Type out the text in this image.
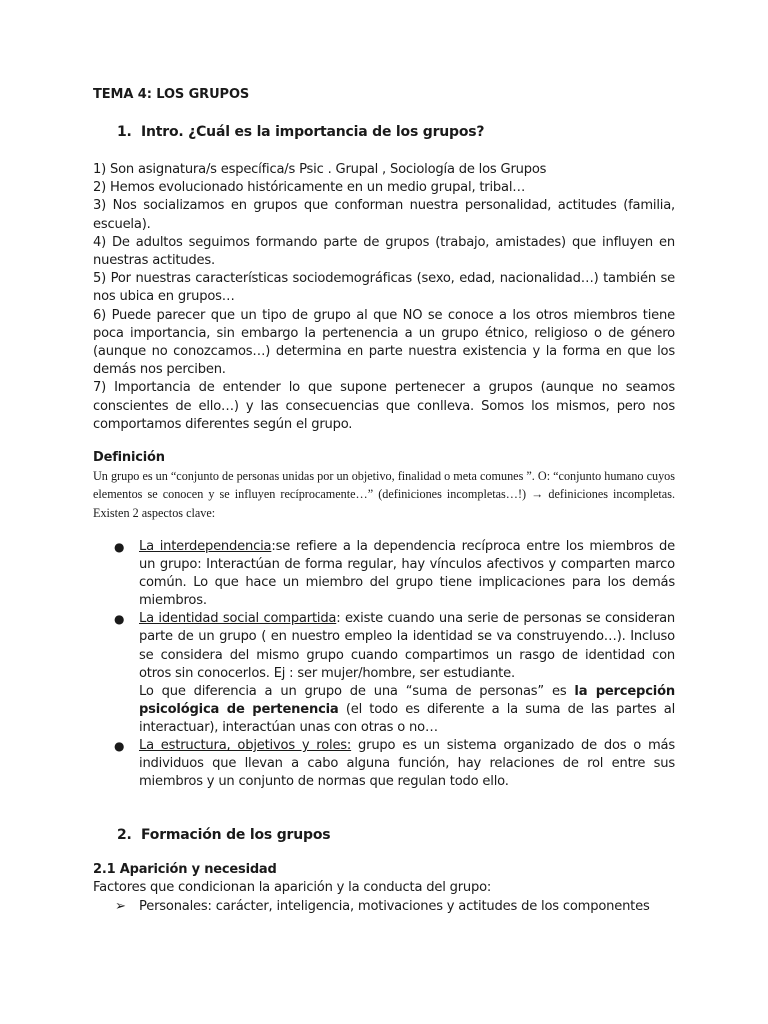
TEMA 4: LOS GRUPOS
1. Intro. ¿Cuál es la importancia de los grupos?

1) Son asignatura/s específica/s Psic . Grupal , Sociología de los Grupos

2) Hemos evolucionado históricamente en un medio grupal, tribal…

3) Nos socializamos en grupos que conforman nuestra personalidad, actitudes (familia, escuela).

4) De adultos seguimos formando parte de grupos (trabajo, amistades) que influyen en nuestras actitudes.

5) Por nuestras características sociodemográficas (sexo, edad, nacionalidad…) también se nos ubica en grupos…

6) Puede parecer que un tipo de grupo al que NO se conoce a los otros miembros tiene poca importancia, sin embargo la pertenencia a un grupo étnico, religioso o de género (aunque no conozcamos…) determina en parte nuestra existencia y la forma en que los demás nos perciben.

7) Importancia de entender lo que supone pertenecer a grupos (aunque no seamos conscientes de ello…) y las consecuencias que conlleva. Somos los mismos, pero nos comportamos diferentes según el grupo.

Definición
Un grupo es un “conjunto de personas unidas por un objetivo, finalidad o meta comunes ”. O: “conjunto humano cuyos elementos se conocen y se influyen recíprocamente…” (definiciones incompletas…!) → definiciones incompletas. Existen 2 aspectos clave:
● La interdependencia:se refiere a la dependencia recíproca entre los miembros de un grupo: Interactúan de forma regular, hay vínculos afectivos y comparten marco común. Lo que hace un miembro del grupo tiene implicaciones para los demás miembros.
● La identidad social compartida: existe cuando una serie de personas se consideran parte de un grupo ( en nuestro empleo la identidad se va construyendo…). Incluso se considera del mismo grupo cuando compartimos un rasgo de identidad con otros sin conocerlos. Ej : ser mujer/hombre, ser estudiante.
Lo que diferencia a un grupo de una “suma de personas” es la percepción psicológica de pertenencia (el todo es diferente a la suma de las partes al interactuar), interactúan unas con otras o no…
● La estructura, objetivos y roles: grupo es un sistema organizado de dos o más individuos que llevan a cabo alguna función, hay relaciones de rol entre sus miembros y un conjunto de normas que regulan todo ello.
2. Formación de los grupos
2.1 Aparición y necesidad
Factores que condicionan la aparición y la conducta del grupo:
➢ Personales: carácter, inteligencia, motivaciones y actitudes de los componentes
